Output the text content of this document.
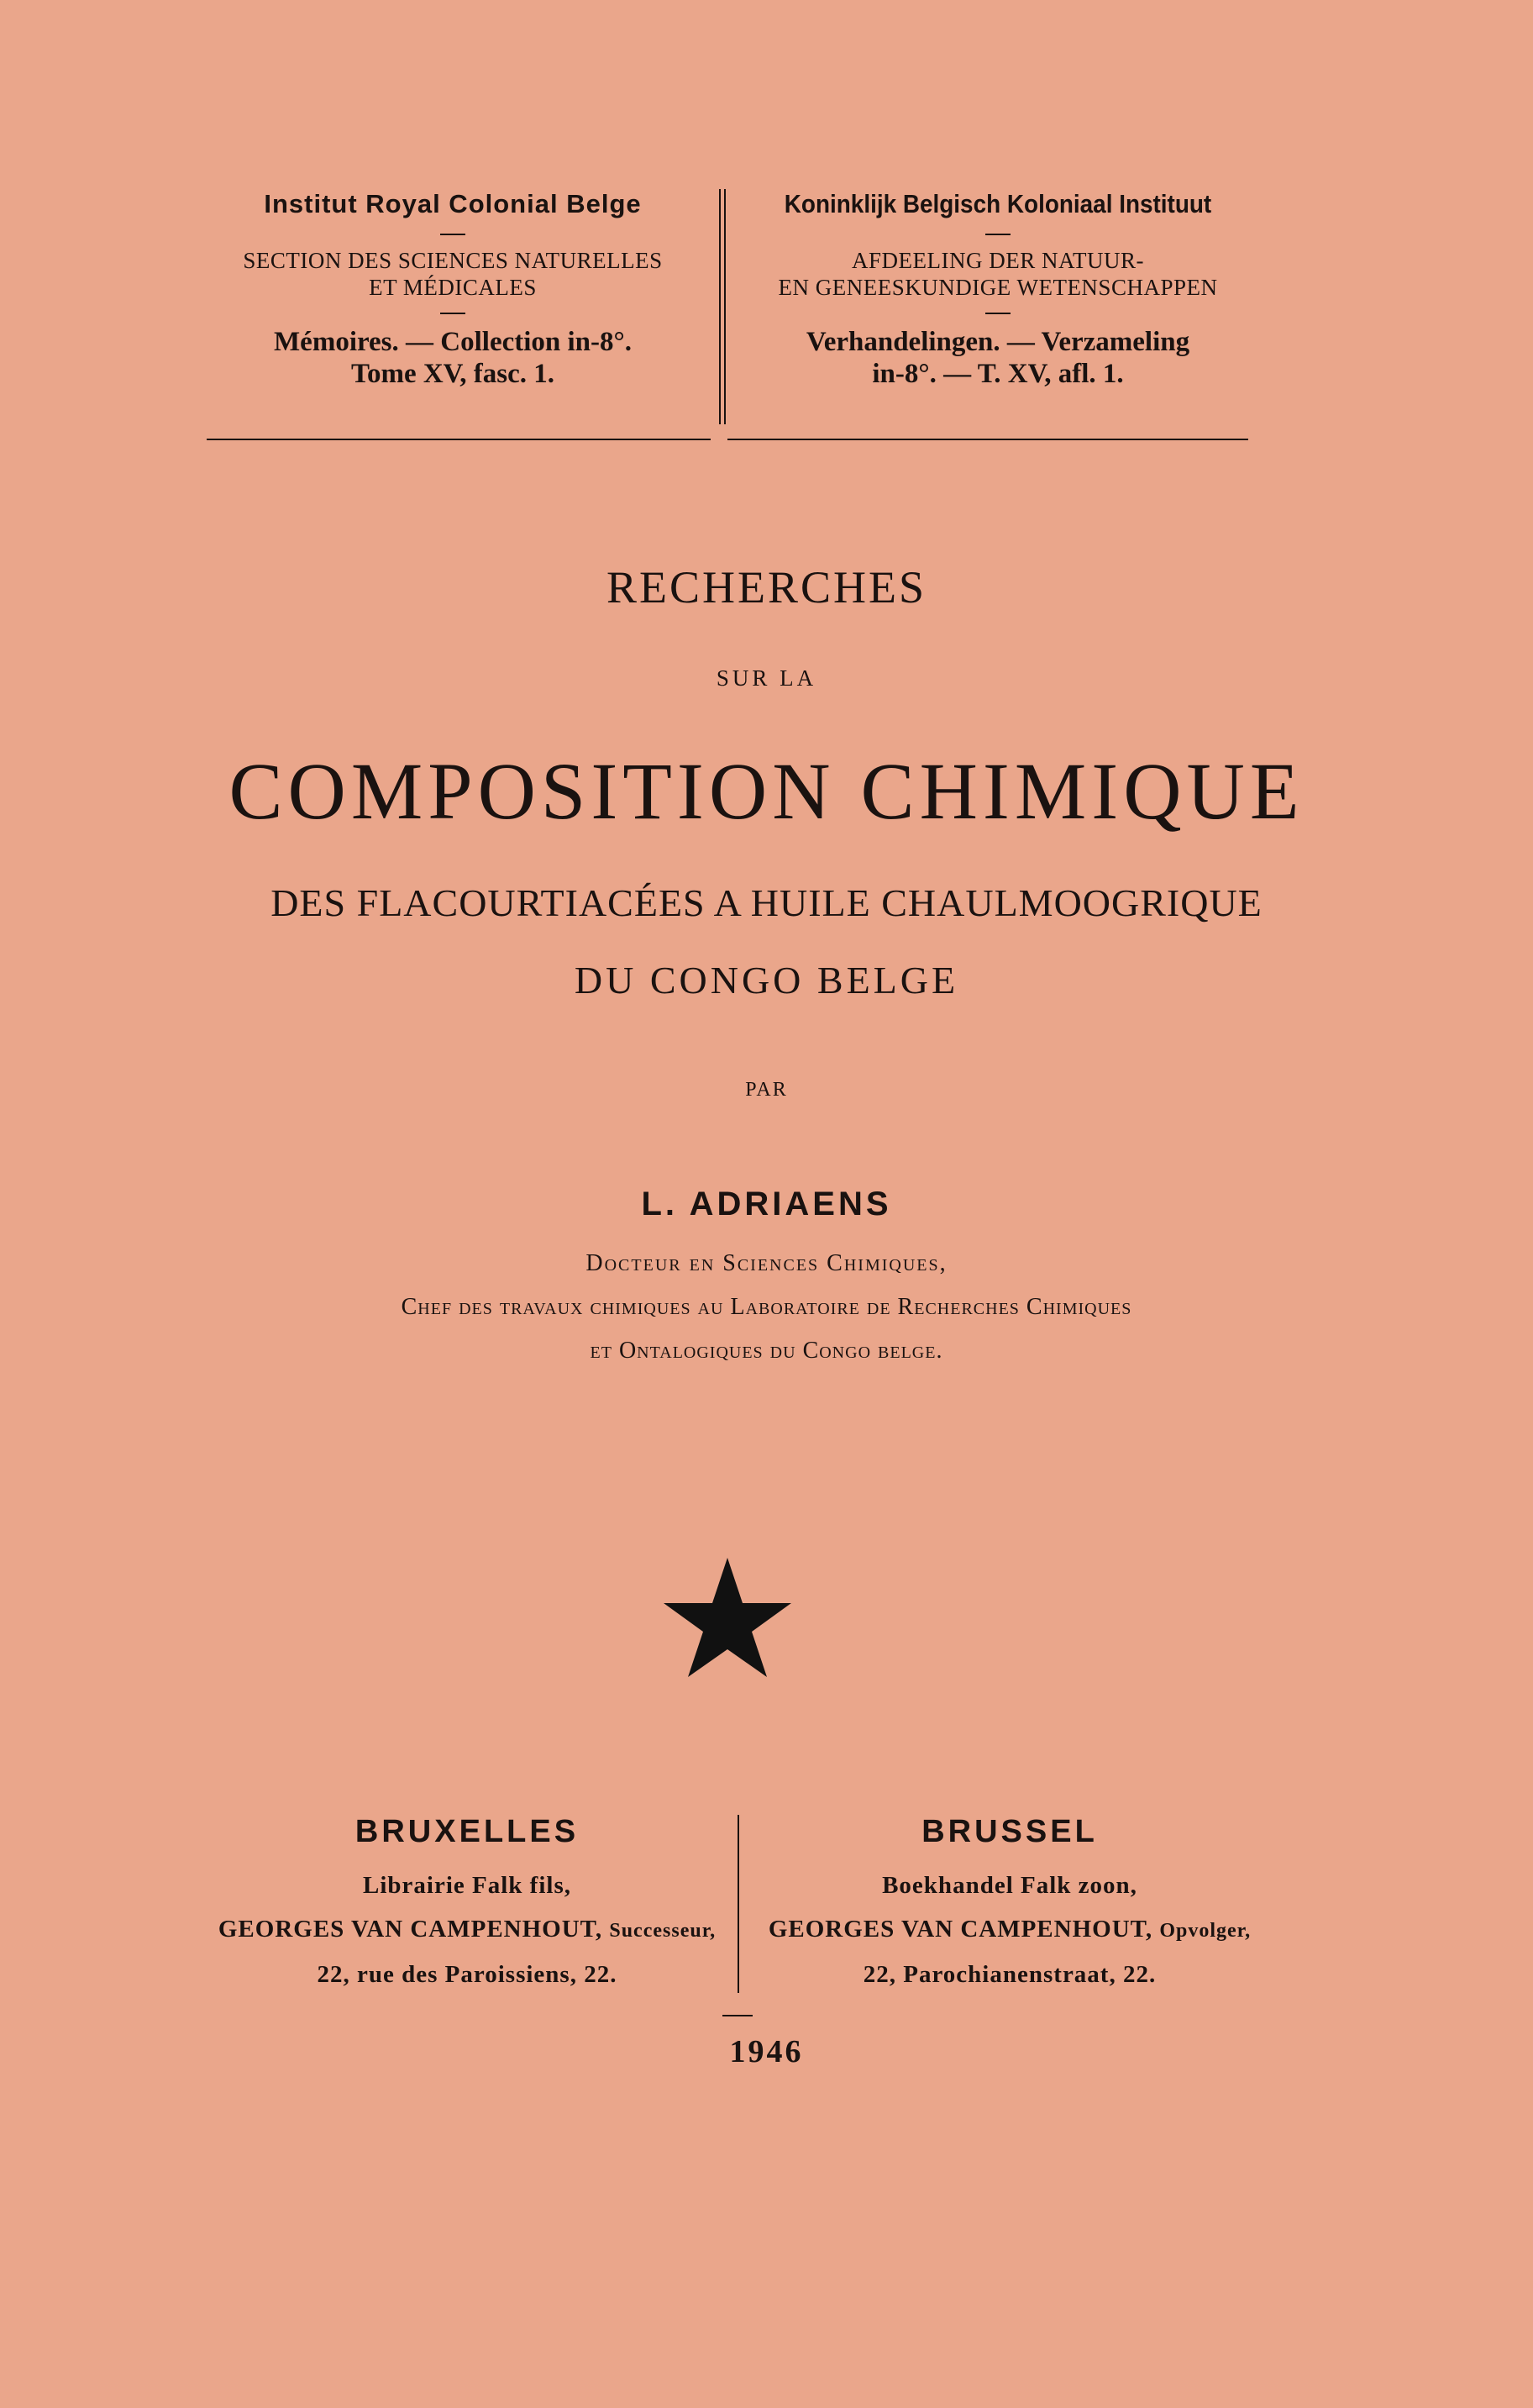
Institut Royal Colonial Belge
SECTION DES SCIENCES NATURELLES
ET MÉDICALES
Mémoires. — Collection in-8°.
Tome XV, fasc. 1.
Koninklijk Belgisch Koloniaal Instituut
AFDEELING DER NATUUR-
EN GENEESKUNDIGE WETENSCHAPPEN
Verhandelingen. — Verzameling
in-8°. — T. XV, afl. 1.
RECHERCHES
SUR LA
COMPOSITION CHIMIQUE
DES FLACOURTIACÉES A HUILE CHAULMOOGRIQUE
DU CONGO BELGE
PAR
L. ADRIAENS
Docteur en Sciences Chimiques,
Chef des travaux chimiques au Laboratoire de Recherches Chimiques
et Ontalogiques du Congo belge.
BRUXELLES
Librairie Falk fils,
GEORGES VAN CAMPENHOUT, Successeur,
22, rue des Paroissiens, 22.
BRUSSEL
Boekhandel Falk zoon,
GEORGES VAN CAMPENHOUT, Opvolger,
22, Parochianenstraat, 22.
1946
